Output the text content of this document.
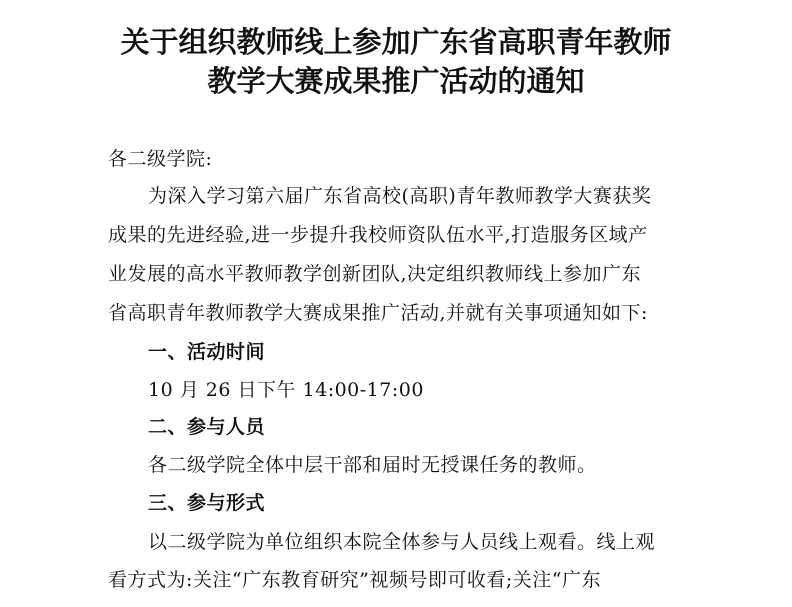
关于组织教师线上参加广东省高职青年教师
教学大赛成果推广活动的通知
各二级学院:
为深入学习第六届广东省高校(高职)青年教师教学大赛获奖
成果的先进经验,进一步提升我校师资队伍水平,打造服务区域产
业发展的高水平教师教学创新团队,决定组织教师线上参加广东
省高职青年教师教学大赛成果推广活动,并就有关事项通知如下:
一、活动时间
10 月 26 日下午 14:00-17:00
二、参与人员
各二级学院全体中层干部和届时无授课任务的教师。
三、参与形式
以二级学院为单位组织本院全体参与人员线上观看。线上观
看方式为:关注“广东教育研究”视频号即可收看;关注“广东
